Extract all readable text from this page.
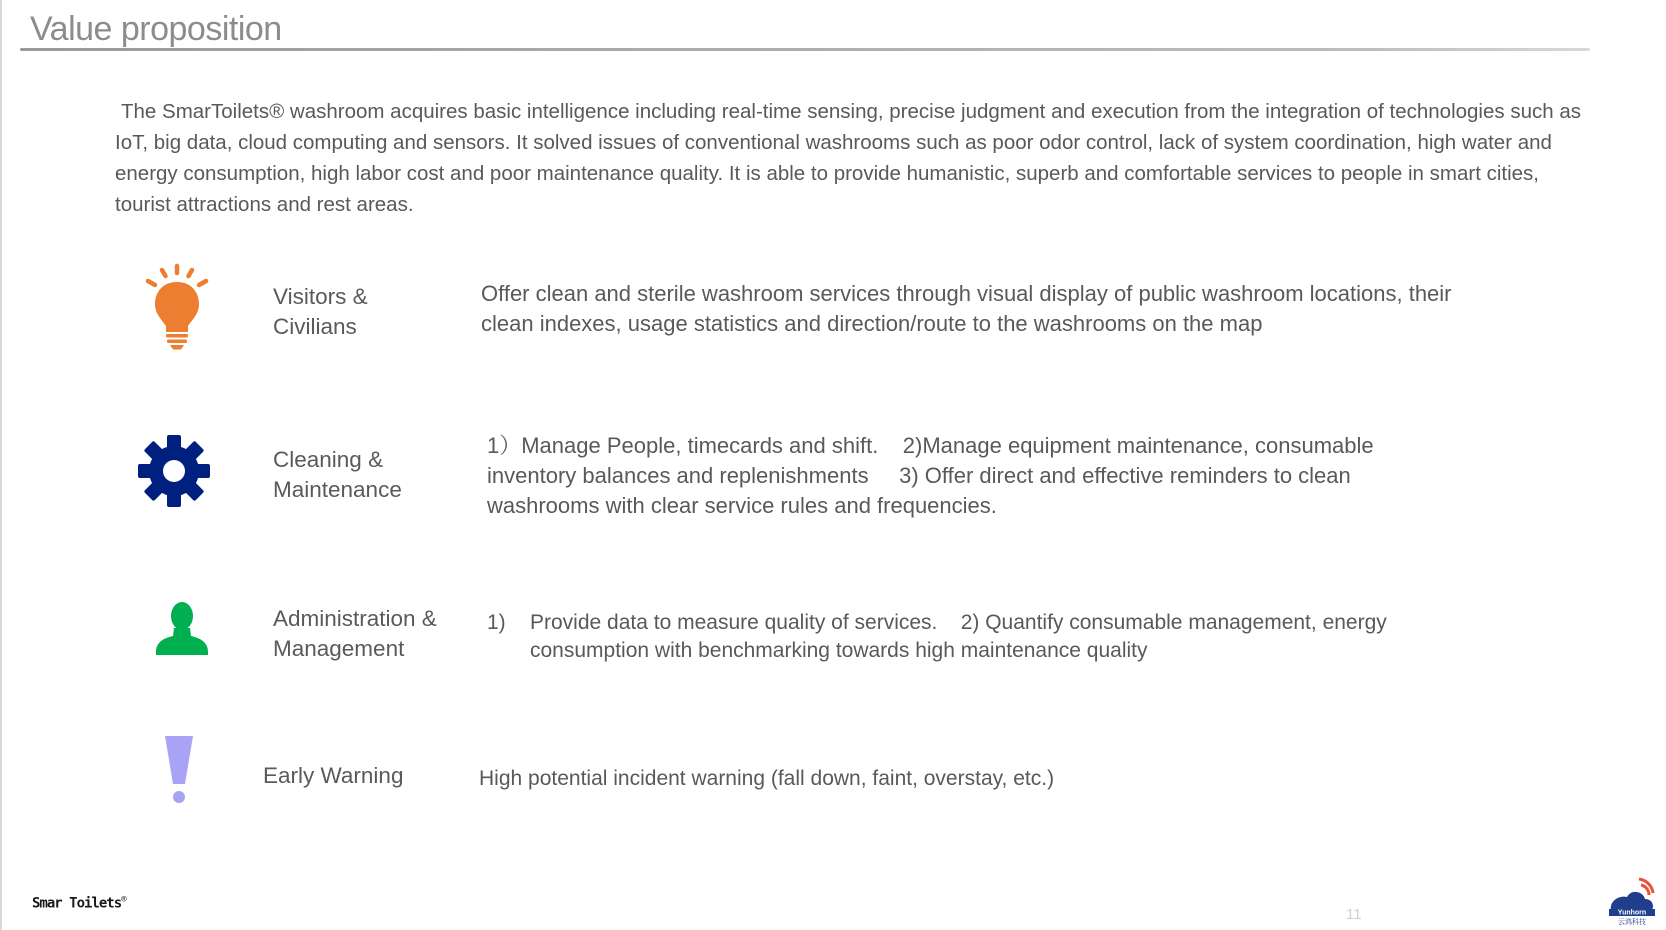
Value proposition

The SmarToilets® washroom acquires basic intelligence including real-time sensing, precise judgment and execution from the integration of technologies such as IoT, big data, cloud computing and sensors. It solved issues of conventional washrooms such as poor odor control, lack of system coordination, high water and energy consumption, high labor cost and poor maintenance quality. It is able to provide humanistic, superb and comfortable services to people in smart cities, tourist attractions and rest areas.

Visitors &
Civilians
Offer clean and sterile washroom services through visual display of public washroom locations, their
clean indexes, usage statistics and direction/route to the washrooms on the map
Cleaning &
Maintenance
1）Manage People, timecards and shift.    2)Manage equipment maintenance, consumable
inventory balances and replenishments     3) Offer direct and effective reminders to clean
washrooms with clear service rules and frequencies.
Administration &
Management
1) Provide data to measure quality of services.    2) Quantify consumable management, energy
consumption with benchmarking towards high maintenance quality
Early Warning	High potential incident warning (fall down, faint, overstay, etc.)
Smar Toilets®
11	Yunhorn
云鸿科技
